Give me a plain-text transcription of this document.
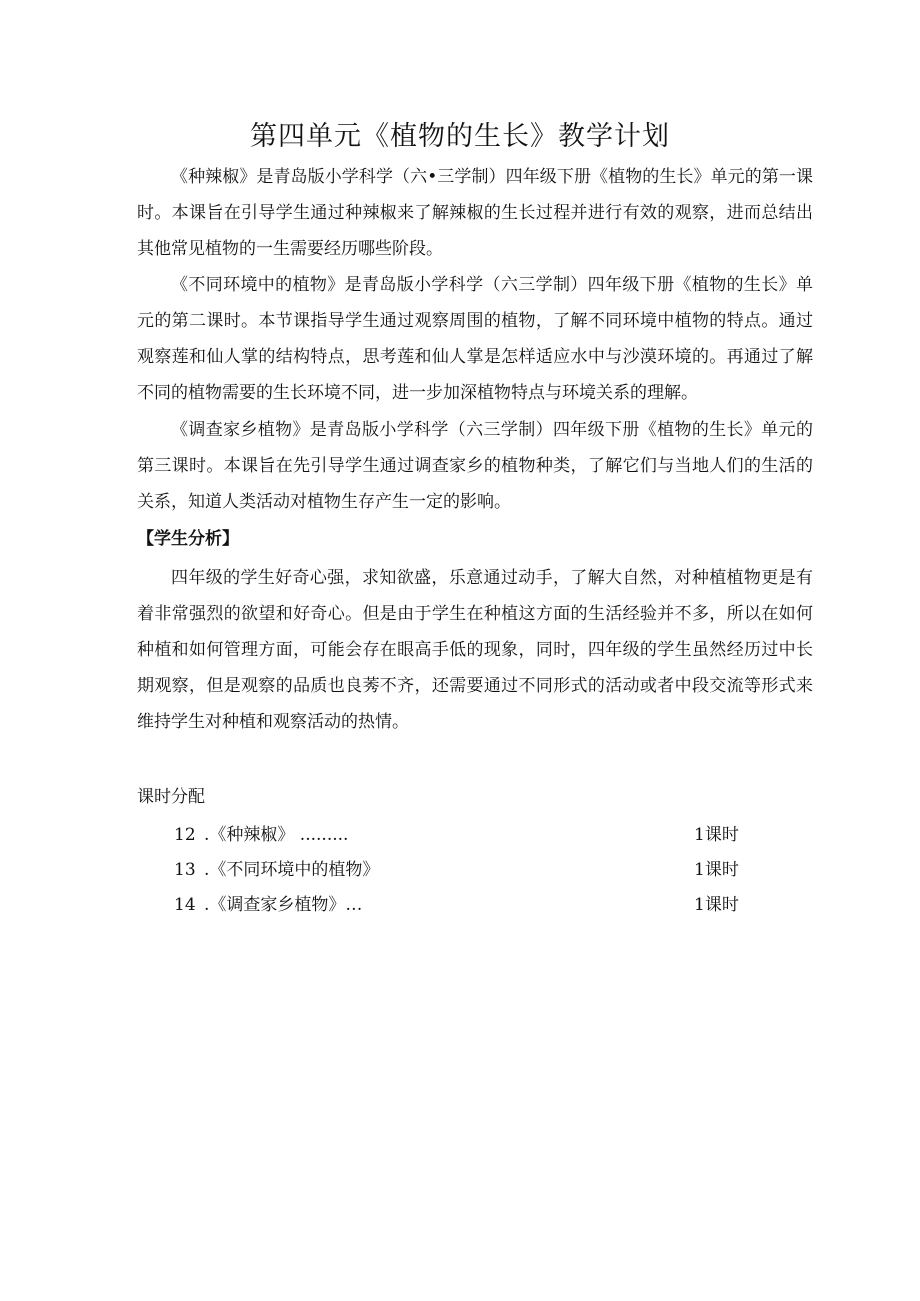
第四单元《植物的生长》教学计划

《种辣椒》是青岛版小学科学（六•三学制）四年级下册《植物的生长》单元的第一课时。本课旨在引导学生通过种辣椒来了解辣椒的生长过程并进行有效的观察，进而总结出其他常见植物的一生需要经历哪些阶段。

《不同环境中的植物》是青岛版小学科学（六三学制）四年级下册《植物的生长》单元的第二课时。本节课指导学生通过观察周围的植物，了解不同环境中植物的特点。通过观察莲和仙人掌的结构特点，思考莲和仙人掌是怎样适应水中与沙漠环境的。再通过了解不同的植物需要的生长环境不同，进一步加深植物特点与环境关系的理解。

《调查家乡植物》是青岛版小学科学（六三学制）四年级下册《植物的生长》单元的第三课时。本课旨在先引导学生通过调查家乡的植物种类，了解它们与当地人们的生活的关系，知道人类活动对植物生存产生一定的影响。

【学生分析】

四年级的学生好奇心强，求知欲盛，乐意通过动手，了解大自然，对种植植物更是有着非常强烈的欲望和好奇心。但是由于学生在种植这方面的生活经验并不多，所以在如何种植和如何管理方面，可能会存在眼高手低的现象，同时，四年级的学生虽然经历过中长期观察，但是观察的品质也良莠不齐，还需要通过不同形式的活动或者中段交流等形式来维持学生对种植和观察活动的热情。

课时分配
12 .《种辣椒》 .........	1课时
13 .《不同环境中的植物》	1课时
14 .《调查家乡植物》…	1课时
